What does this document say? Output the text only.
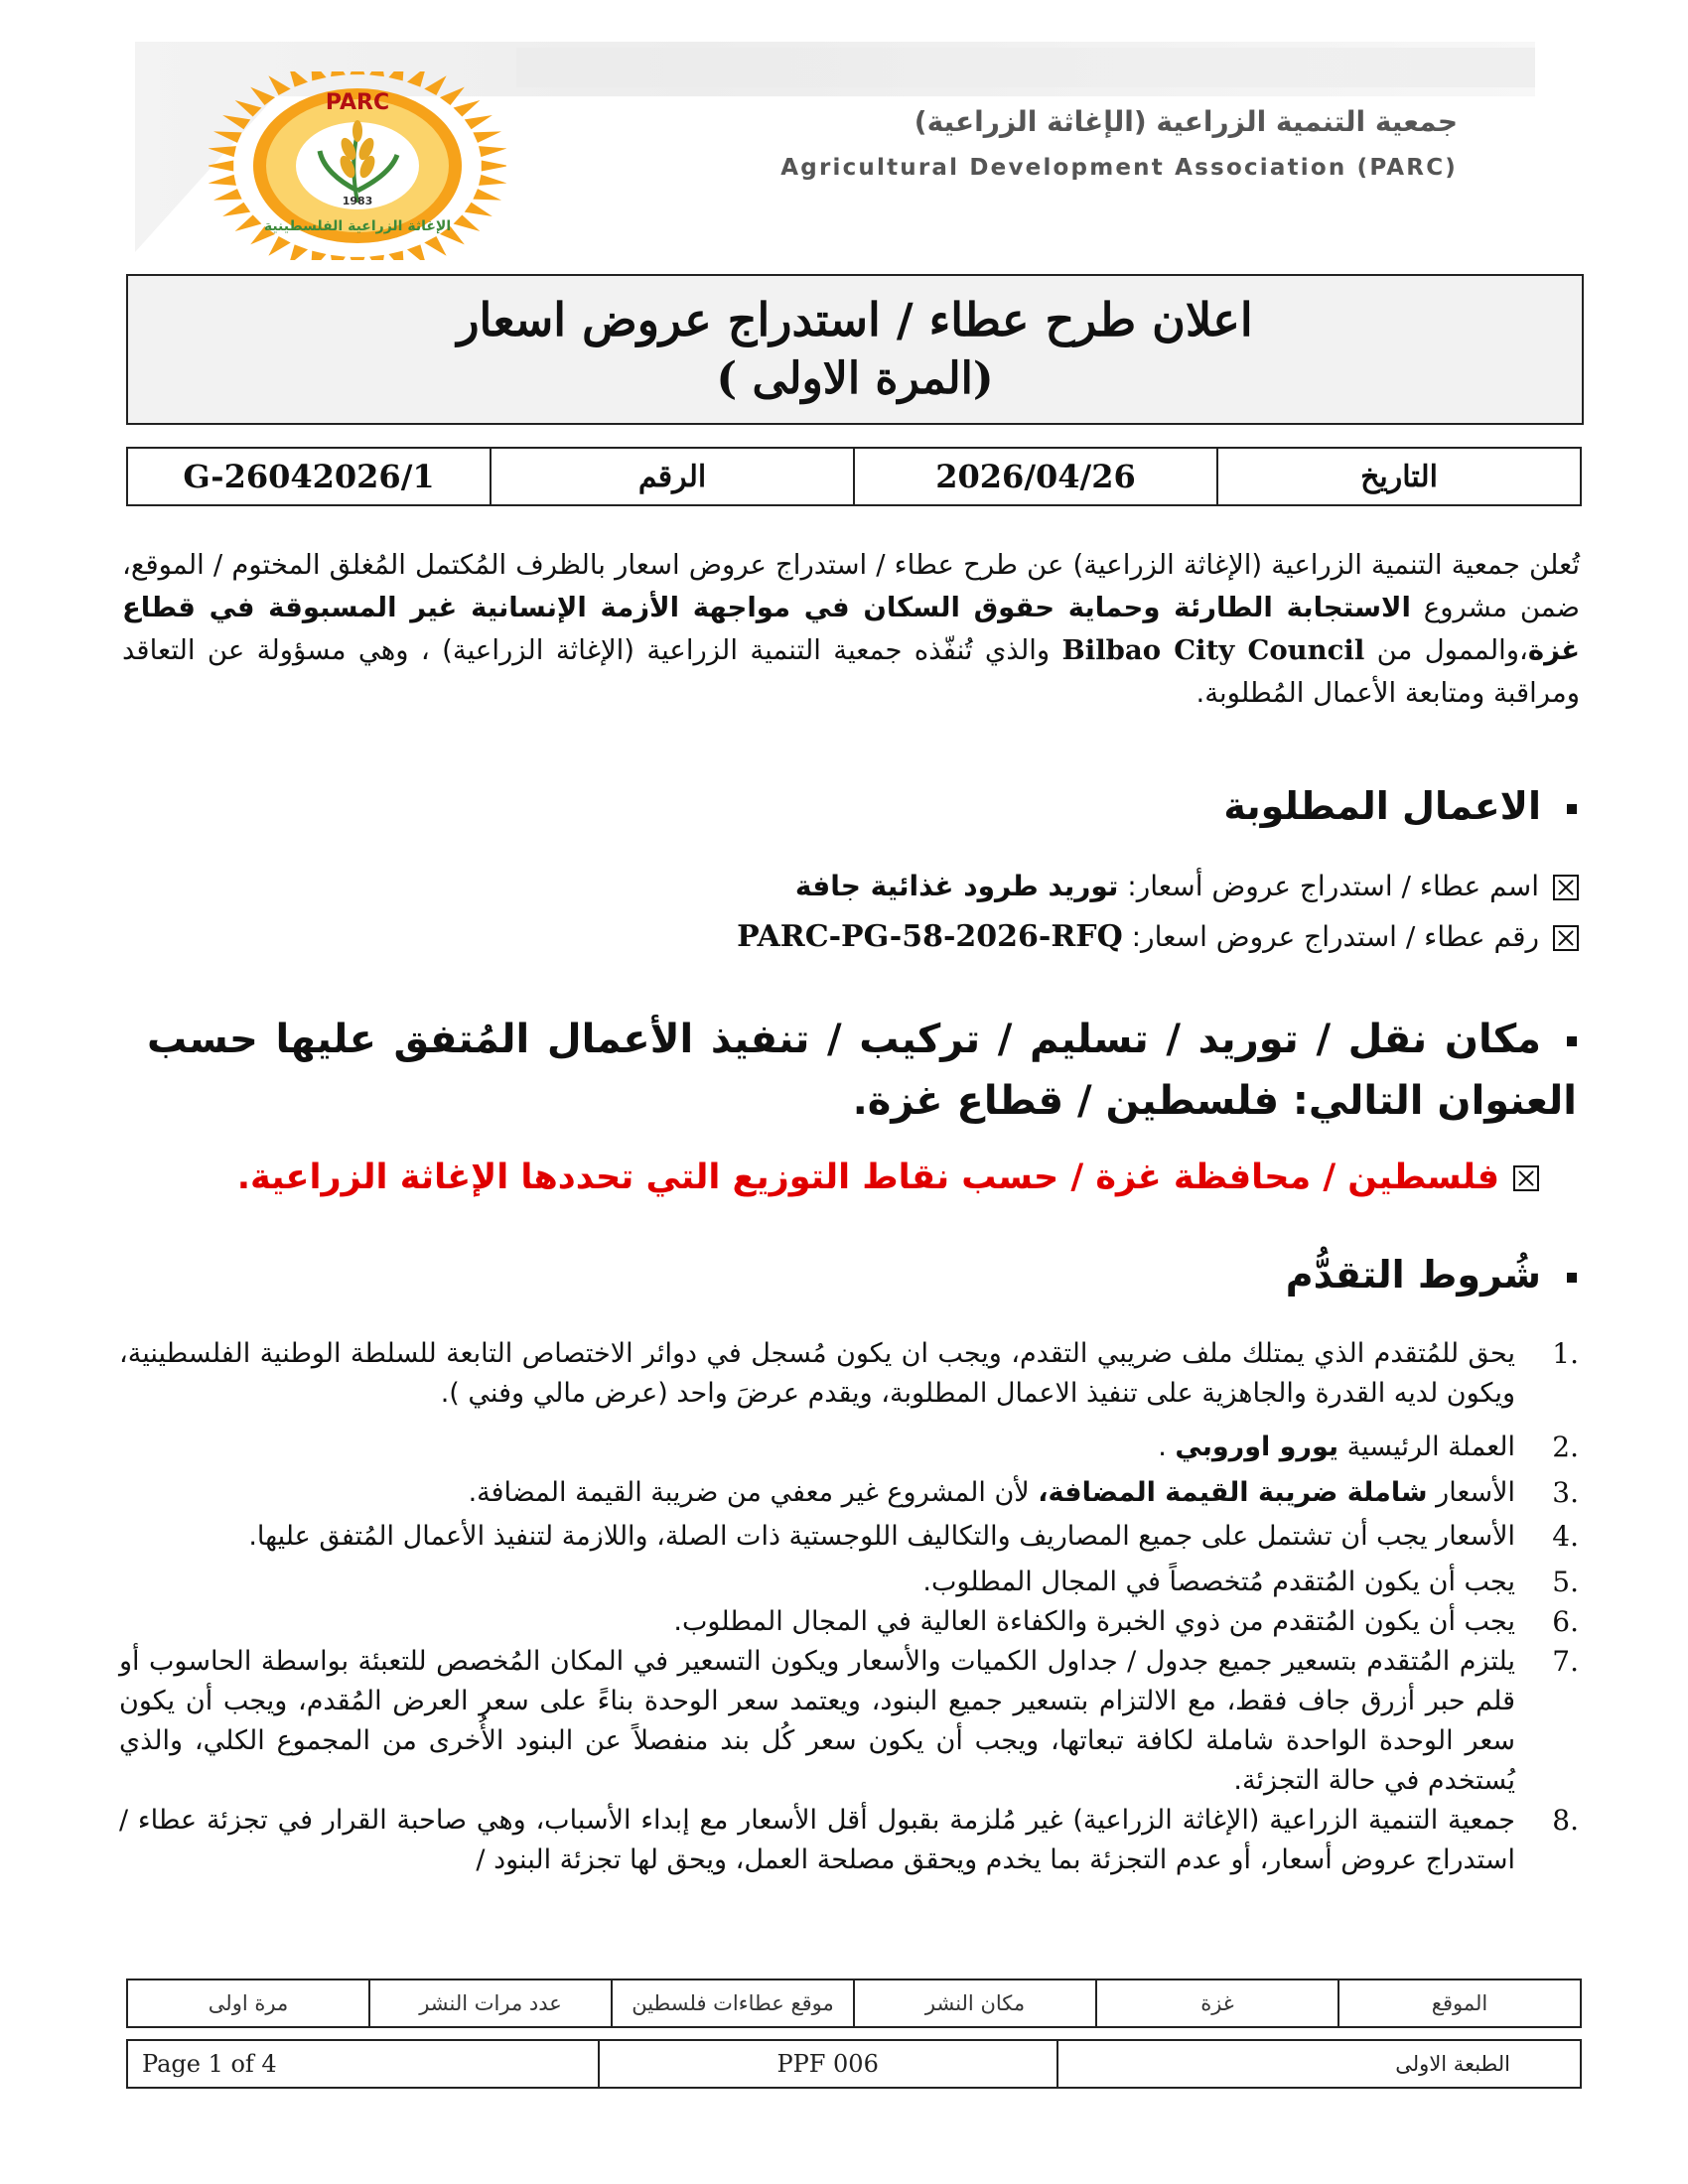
PARC
1983
الإغاثة الزراعية الفلسطينية
جمعية التنمية الزراعية (الإغاثة الزراعية)
Agricultural Development Association (PARC)
اعلان طرح عطاء / استدراج عروض اسعار
(المرة الاولى )
التاريخ	2026/04/26	الرقم	G-26042026/1
تُعلن جمعية التنمية الزراعية (الإغاثة الزراعية) عن طرح عطاء / استدراج عروض اسعار بالظرف المُكتمل المُغلق المختوم / الموقع، ضمن مشروع الاستجابة الطارئة وحماية حقوق السكان في مواجهة الأزمة الإنسانية غير المسبوقة في قطاع غزة،والممول من Bilbao City Council والذي تُنفّذه جمعية التنمية الزراعية (الإغاثة الزراعية) ، وهي مسؤولة عن التعاقد ومراقبة ومتابعة الأعمال المُطلوبة.
الاعمال المطلوبة
اسم عطاء / استدراج عروض أسعار: توريد طرود غذائية جافة
رقم عطاء / استدراج عروض اسعار: PARC-PG-58-2026-RFQ
مكان نقل / توريد / تسليم / تركيب / تنفيذ الأعمال المُتفق عليها حسب العنوان التالي: فلسطين / قطاع غزة.
فلسطين / محافظة غزة / حسب نقاط التوزيع التي تحددها الإغاثة الزراعية.
شُروط التقدُّم
.1
يحق للمُتقدم الذي يمتلك ملف ضريبي التقدم، ويجب ان يكون مُسجل في دوائر الاختصاص التابعة للسلطة الوطنية الفلسطينية، ويكون لديه القدرة والجاهزية على تنفيذ الاعمال المطلوبة، ويقدم عرضَ واحد (عرض مالي وفني ).
.2
العملة الرئيسية يورو اوروبي .
.3
الأسعار شاملة ضريبة القيمة المضافة، لأن المشروع غير معفي من ضريبة القيمة المضافة.
.4
الأسعار يجب أن تشتمل على جميع المصاريف والتكاليف اللوجستية ذات الصلة، واللازمة لتنفيذ الأعمال المُتفق عليها.
.5
يجب أن يكون المُتقدم مُتخصصاً في المجال المطلوب.
.6
يجب أن يكون المُتقدم من ذوي الخبرة والكفاءة العالية في المجال المطلوب.
.7
يلتزم المُتقدم بتسعير جميع جدول / جداول الكميات والأسعار ويكون التسعير في المكان المُخصص للتعبئة بواسطة الحاسوب أو قلم حبر أزرق جاف فقط، مع الالتزام بتسعير جميع البنود، ويعتمد سعر الوحدة بناءً على سعر العرض المُقدم، ويجب أن يكون سعر الوحدة الواحدة شاملة لكافة تبعاتها، ويجب أن يكون سعر كُل بند منفصلاً عن البنود الأُخرى من المجموع الكلي، والذي يُستخدم في حالة التجزئة.
.8
جمعية التنمية الزراعية (الإغاثة الزراعية) غير مُلزمة بقبول أقل الأسعار مع إبداء الأسباب، وهي صاحبة القرار في تجزئة عطاء / استدراج عروض أسعار، أو عدم التجزئة بما يخدم ويحقق مصلحة العمل، ويحق لها تجزئة البنود /
الموقع	غزة	مكان النشر	موقع عطاءات فلسطين	عدد مرات النشر	مرة اولى
Page 1 of 4	PPF 006	الطبعة الاولى
